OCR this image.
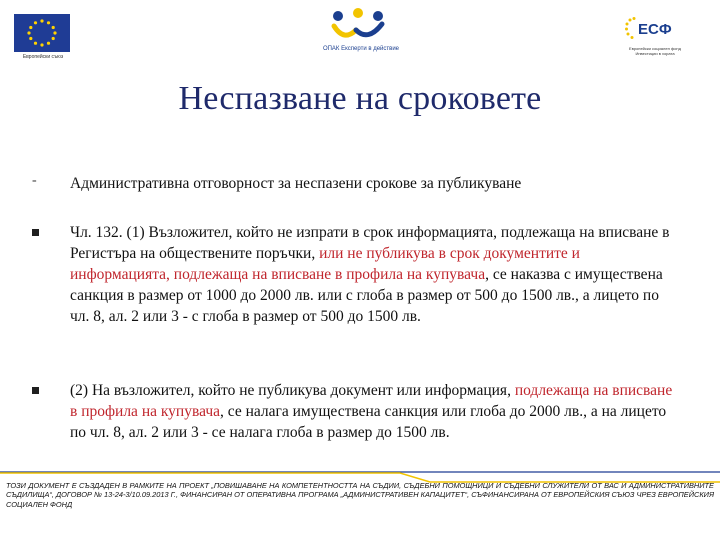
Европейски съюз
ОПАК Експерти в действие
ЕСФ
Европейски социален фонд Инвестиции в хората
Неспазване на сроковете
-	Административна отговорност за неспазени срокове за публикуване
Чл. 132. (1) Възложител, който не изпрати в срок информацията, подлежаща на вписване в Регистъра на обществените поръчки, или не публикува в срок документите и информацията, подлежаща на вписване в профила на купувача, се наказва с имуществена санкция в размер от 1000 до 2000 лв. или с глоба в размер от 500 до 1500 лв., а лицето по чл. 8, ал. 2 или 3 - с глоба в размер от 500 до 1500 лв.
(2) На възложител, който не публикува документ или информация, подлежаща на вписване в профила на купувача, се налага имуществена санкция или глоба до 2000 лв., а на лицето по чл. 8, ал. 2 или 3 - се налага глоба в размер до 1500 лв.
ТОЗИ ДОКУМЕНТ Е СЪЗДАДЕН В РАМКИТЕ НА ПРОЕКТ „ПОВИШАВАНЕ НА КОМПЕТЕНТНОСТТА НА СЪДИИ, СЪДЕБНИ ПОМОЩНИЦИ И СЪДЕБНИ СЛУЖИТЕЛИ ОТ ВАС И АДМИНИСТРАТИВНИТЕ СЪДИЛИЩА“, ДОГОВОР № 13-24-3/10.09.2013 Г., ФИНАНСИРАН ОТ ОПЕРАТИВНА ПРОГРАМА „АДМИНИСТРАТИВЕН КАПАЦИТЕТ“, СЪФИНАНСИРАНА ОТ ЕВРОПЕЙСКИЯ СЪЮЗ ЧРЕЗ ЕВРОПЕЙСКИЯ СОЦИАЛЕН ФОНД
